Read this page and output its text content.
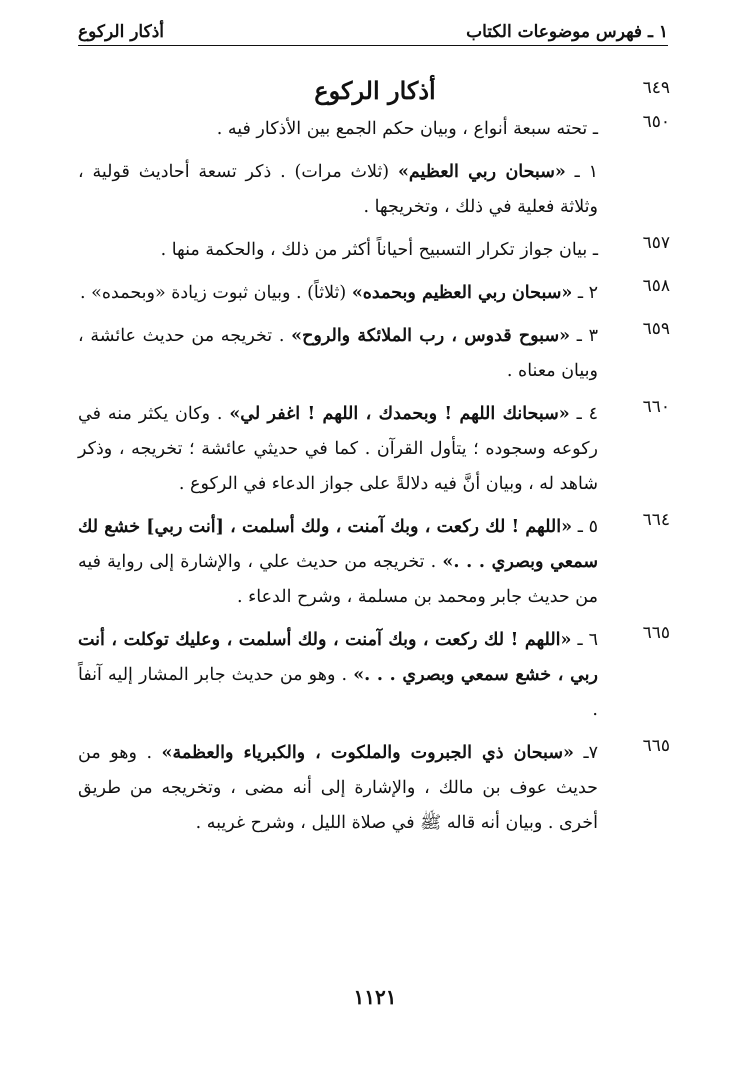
١ ـ فهرس موضوعات الكتاب
أذكار الركوع
أذكار الركوع	٦٤٩
٦٥٠
ـ تحته سبعة أنواع ، وبيان حكم الجمع بين الأذكار فيه .
١ ـ «سبحان ربي العظيم» (ثلاث مرات) . ذكر تسعة أحاديث قولية ، وثلاثة فعلية في ذلك ، وتخريجها .
٦٥٧
ـ بيان جواز تكرار التسبيح أحياناً أكثر من ذلك ، والحكمة منها .
٦٥٨
٢ ـ «سبحان ربي العظيم وبحمده» (ثلاثاً) . وبيان ثبوت زيادة «وبحمده» .
٦٥٩
٣ ـ «سبوح قدوس ، رب الملائكة والروح» . تخريجه من حديث عائشة ، وبيان معناه .
٦٦٠
٤ ـ «سبحانك اللهم ! وبحمدك ، اللهم ! اغفر لي» . وكان يكثر منه في ركوعه وسجوده ؛ يتأول القرآن . كما في حديثي عائشة ؛ تخريجه ، وذكر شاهد له ، وبيان أنَّ فيه دلالةً على جواز الدعاء في الركوع .
٦٦٤
٥ ـ «اللهم ! لك ركعت ، وبك آمنت ، ولك أسلمت ، [أنت ربي] خشع لك سمعي وبصري . . .» . تخريجه من حديث علي ، والإشارة إلى رواية فيه من حديث جابر ومحمد بن مسلمة ، وشرح الدعاء .
٦٦٥
٦ ـ «اللهم ! لك ركعت ، وبك آمنت ، ولك أسلمت ، وعليك توكلت ، أنت ربي ، خشع سمعي وبصري . . .» . وهو من حديث جابر المشار إليه آنفاً .
٦٦٥
٧ـ «سبحان ذي الجبروت والملكوت ، والكبرياء والعظمة» . وهو من حديث عوف بن مالك ، والإشارة إلى أنه مضى ، وتخريجه من طريق أخرى . وبيان أنه قاله ﷺ في صلاة الليل ، وشرح غريبه .
١١٢١
